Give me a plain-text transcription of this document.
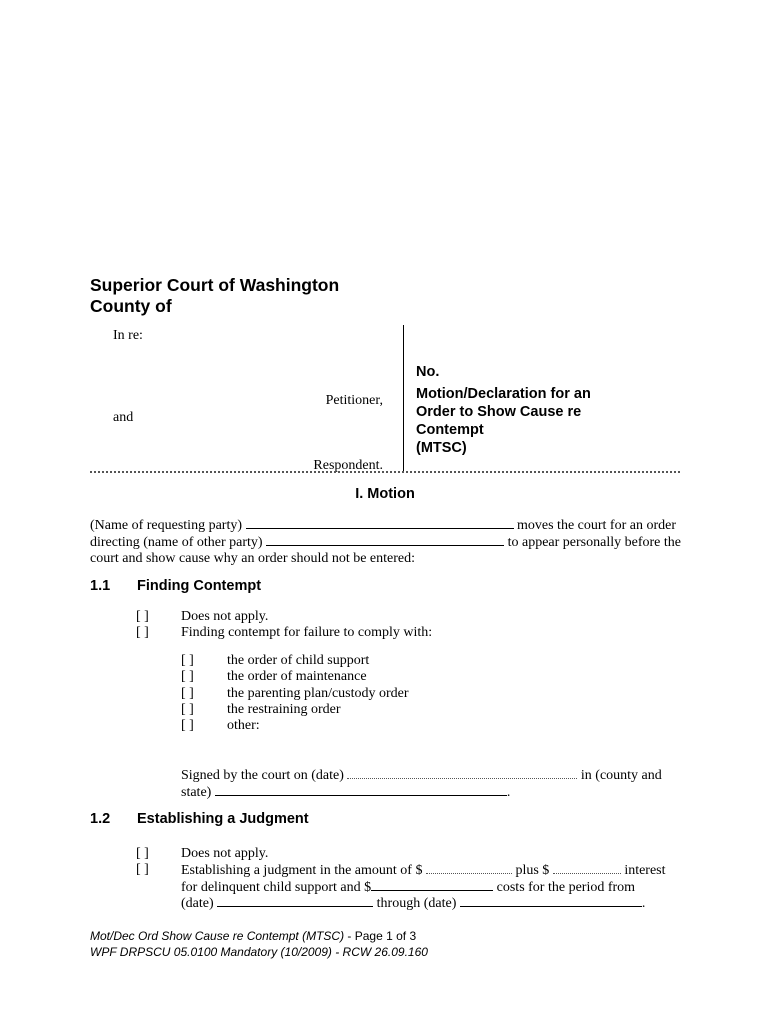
Superior Court of Washington
County of
In re:
Petitioner,
and
Respondent.
No.
Motion/Declaration for an
Order to Show Cause re
Contempt
(MTSC)
I. Motion
(Name of requesting party)	moves the court for an order
directing (name of other party)	to appear personally before the
court and show cause why an order should not be entered:
1.1 Finding Contempt
[ ] Does not apply.
[ ] Finding contempt for failure to comply with:
[ ] the order of child support
[ ] the order of maintenance
[ ] the parenting plan/custody order
[ ] the restraining order
[ ] other:
Signed by the court on (date)	in (county and
state)	.
1.2 Establishing a Judgment
[ ] Does not apply.
[ ] Establishing a judgment in the amount of $	plus $	interest
for delinquent child support and $	costs for the period from
(date)	through (date)	.
Mot/Dec Ord Show Cause re Contempt (MTSC) - Page 1 of 3
WPF DRPSCU 05.0100 Mandatory (10/2009) - RCW 26.09.160
